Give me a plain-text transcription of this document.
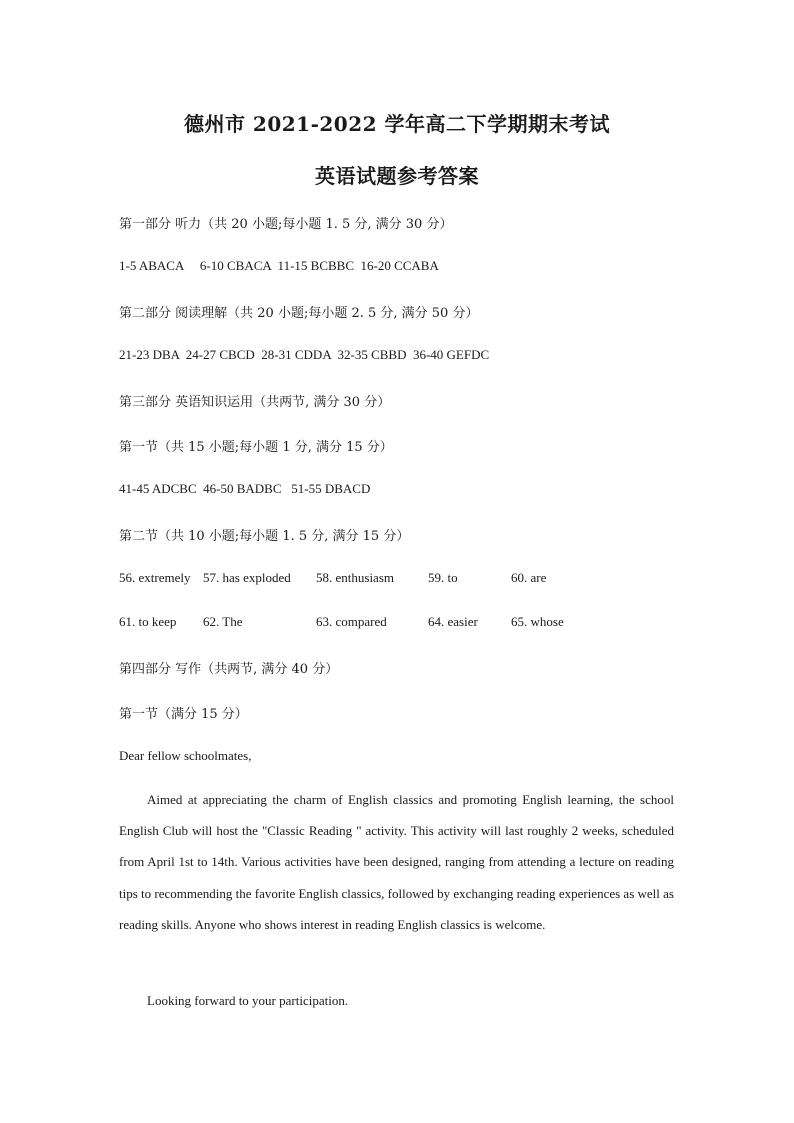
德州市 2021-2022 学年高二下学期期末考试
英语试题参考答案
第一部分 听力（共 20 小题;每小题 1. 5 分, 满分 30 分）
1-5 ABACA     6-10 CBACA  11-15 BCBBC  16-20 CCABA
第二部分 阅读理解（共 20 小题;每小题 2. 5 分, 满分 50 分）
21-23 DBA  24-27 CBCD  28-31 CDDA  32-35 CBBD  36-40 GEFDC
第三部分 英语知识运用（共两节, 满分 30 分）
第一节（共 15 小题;每小题 1 分, 满分 15 分）
41-45 ADCBC  46-50 BADBC   51-55 DBACD
第二节（共 10 小题;每小题 1. 5 分, 满分 15 分）
56. extremely 57. has exploded 58. enthusiasm	59. to	60. are
61. to keep 62. The	63. compared	64. easier	65. whose
第四部分 写作（共两节, 满分 40 分）
第一节（满分 15 分）
Dear fellow schoolmates,

Aimed at appreciating the charm of English classics and promoting English learning, the school English Club will host the "Classic Reading " activity. This activity will last roughly 2 weeks, scheduled from April 1st to 14th. Various activities have been designed, ranging from attending a lecture on reading tips to recommending the favorite English classics, followed by exchanging reading experiences as well as reading skills. Anyone who shows interest in reading English classics is welcome.

Looking forward to your participation.
